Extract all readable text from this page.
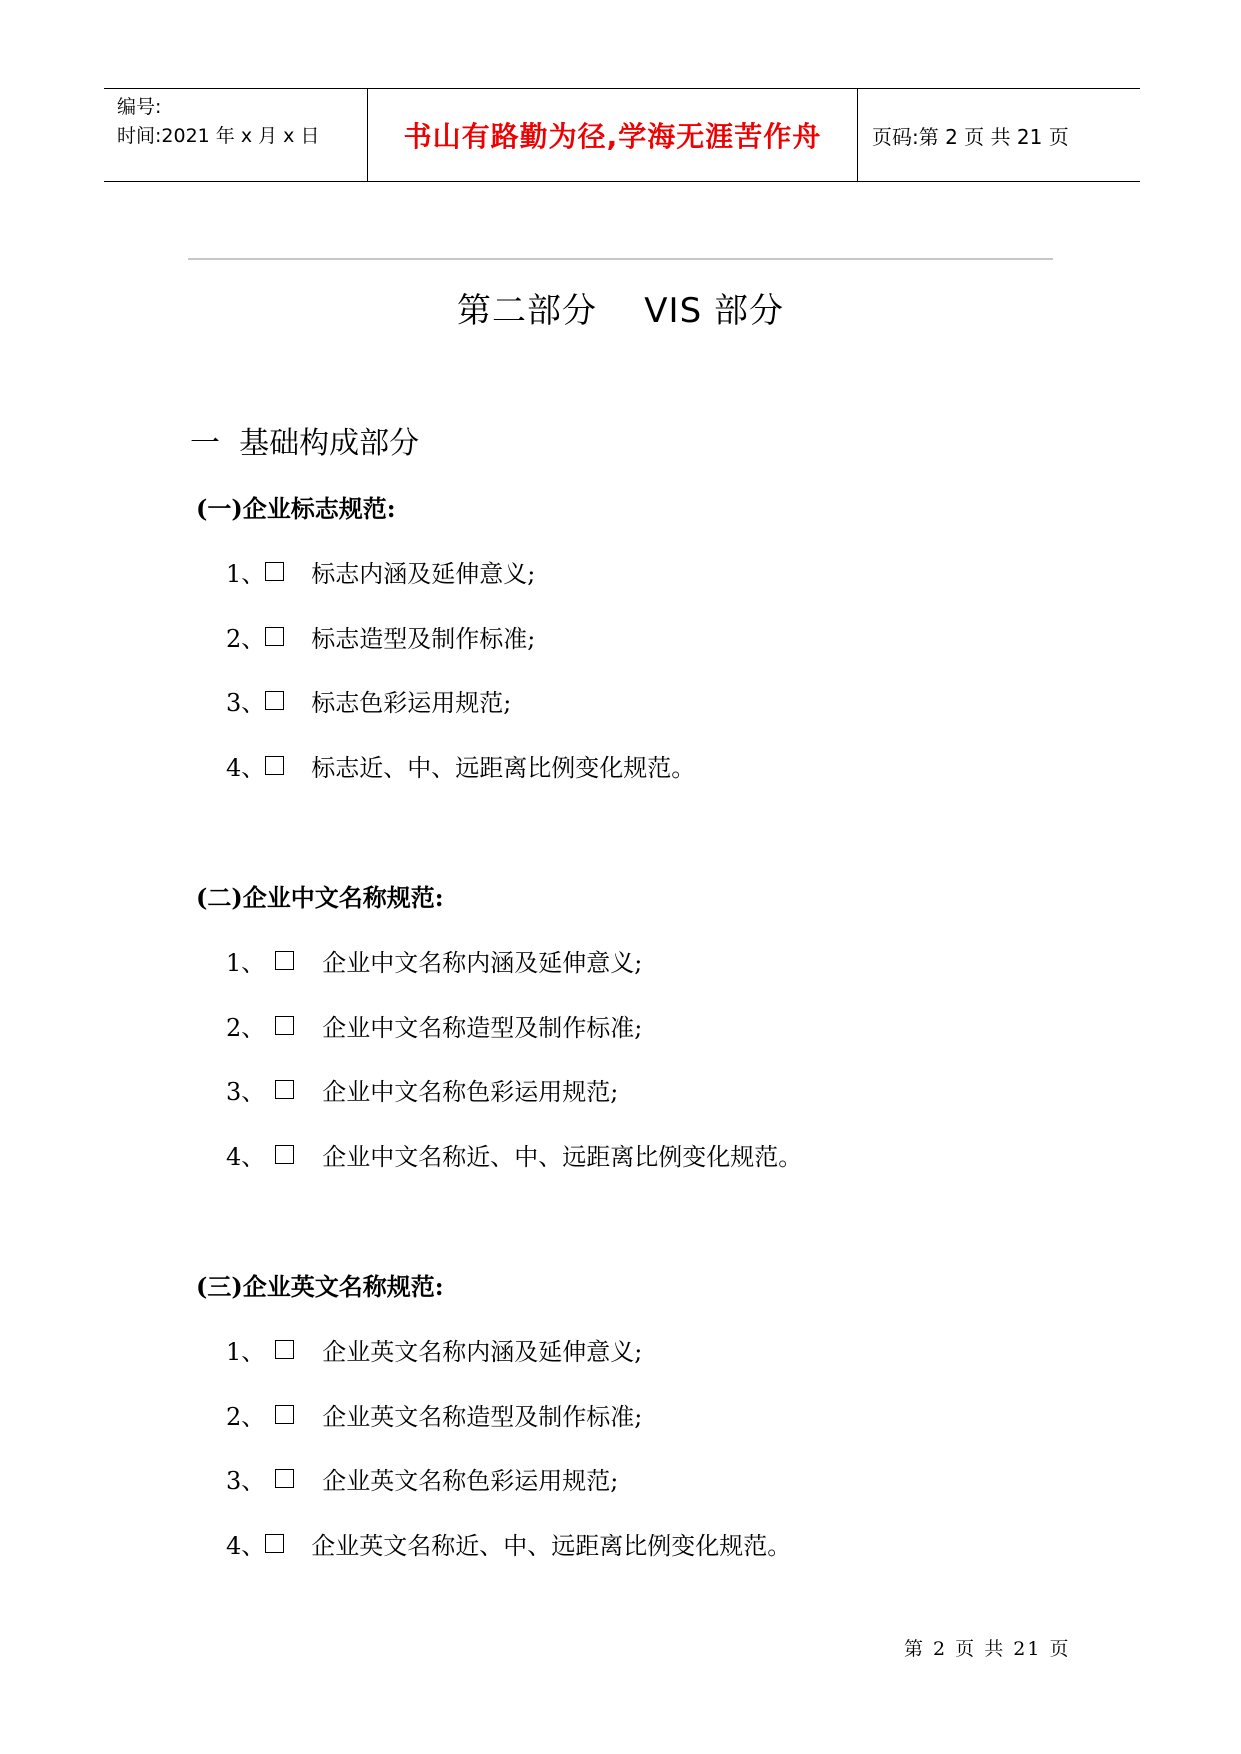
编号:
时间:2021 年 x 月 x 日	书山有路勤为径,学海无涯苦作舟	页码:第 2 页 共 21 页
第二部分    VIS 部分
一  基础构成部分
(一)企业标志规范:
1、 标志内涵及延伸意义;
2、 标志造型及制作标准;
3、 标志色彩运用规范;
4、 标志近、中、远距离比例变化规范。
(二)企业中文名称规范:
1、 企业中文名称内涵及延伸意义;
2、 企业中文名称造型及制作标准;
3、 企业中文名称色彩运用规范;
4、 企业中文名称近、中、远距离比例变化规范。
(三)企业英文名称规范:
1、 企业英文名称内涵及延伸意义;
2、 企业英文名称造型及制作标准;
3、 企业英文名称色彩运用规范;
4、 企业英文名称近、中、远距离比例变化规范。
第 2 页 共 21 页
